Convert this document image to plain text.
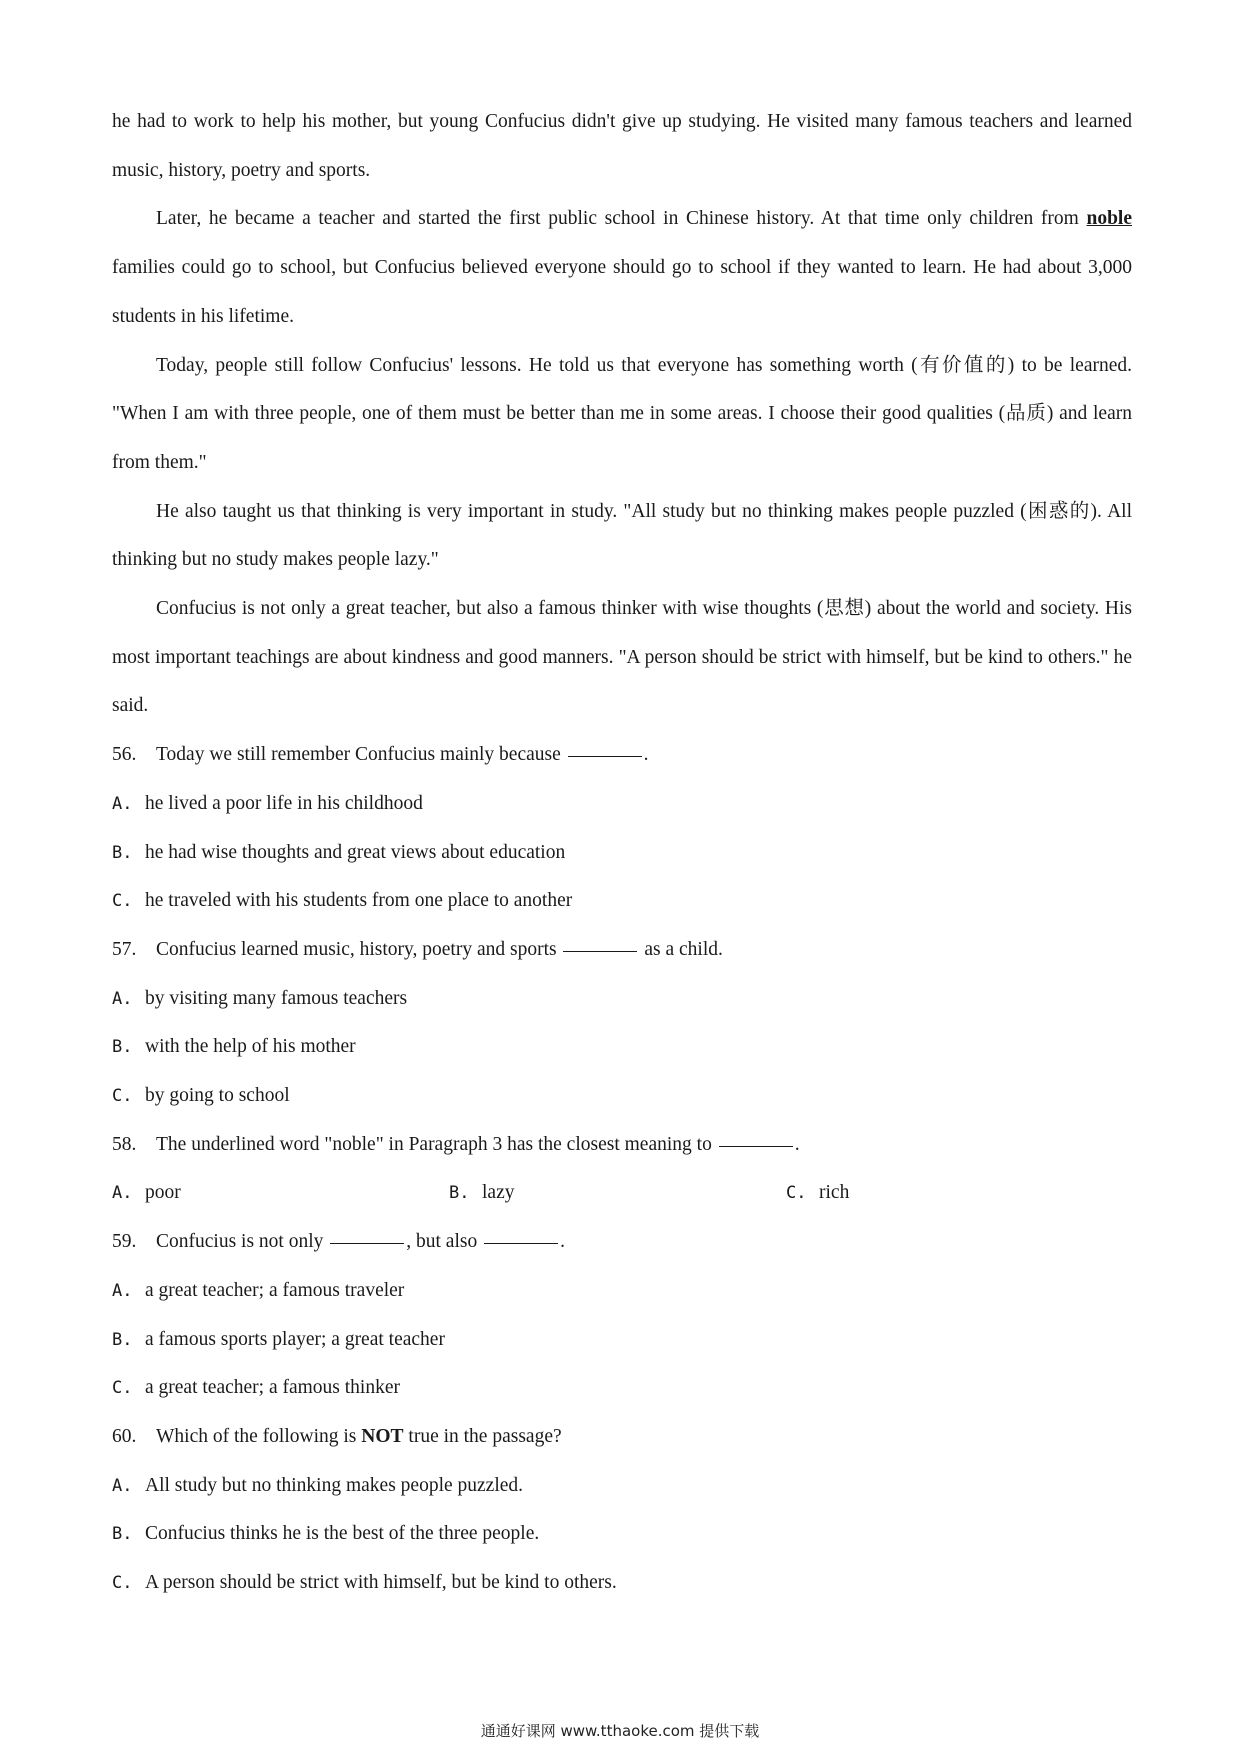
he had to work to help his mother, but young Confucius didn't give up studying. He visited many famous teachers and learned music, history, poetry and sports.

Later, he became a teacher and started the first public school in Chinese history. At that time only children from noble families could go to school, but Confucius believed everyone should go to school if they wanted to learn. He had about 3,000 students in his lifetime.

Today, people still follow Confucius' lessons. He told us that everyone has something worth (有价值的) to be learned. "When I am with three people, one of them must be better than me in some areas. I choose their good qualities (品质) and learn from them."

He also taught us that thinking is very important in study. "All study but no thinking makes people puzzled (困惑的). All thinking but no study makes people lazy."

Confucius is not only a great teacher, but also a famous thinker with wise thoughts (思想) about the world and society. His most important teachings are about kindness and good manners. "A person should be strict with himself, but be kind to others." he said.

56. Today we still remember Confucius mainly because	.

A. he lived a poor life in his childhood

B. he had wise thoughts and great views about education

C. he traveled with his students from one place to another

57. Confucius learned music, history, poetry and sports	as a child.

A. by visiting many famous teachers

B. with the help of his mother

C. by going to school

58. The underlined word "noble" in Paragraph 3 has the closest meaning to	.

A. poor	B. lazy	C. rich

59. Confucius is not only	, but also	.

A. a great teacher; a famous traveler

B. a famous sports player; a great teacher

C. a great teacher; a famous thinker

60. Which of the following is NOT true in the passage?

A. All study but no thinking makes people puzzled.

B. Confucius thinks he is the best of the three people.

C. A person should be strict with himself, but be kind to others.

通通好课网 www.tthaoke.com 提供下载
